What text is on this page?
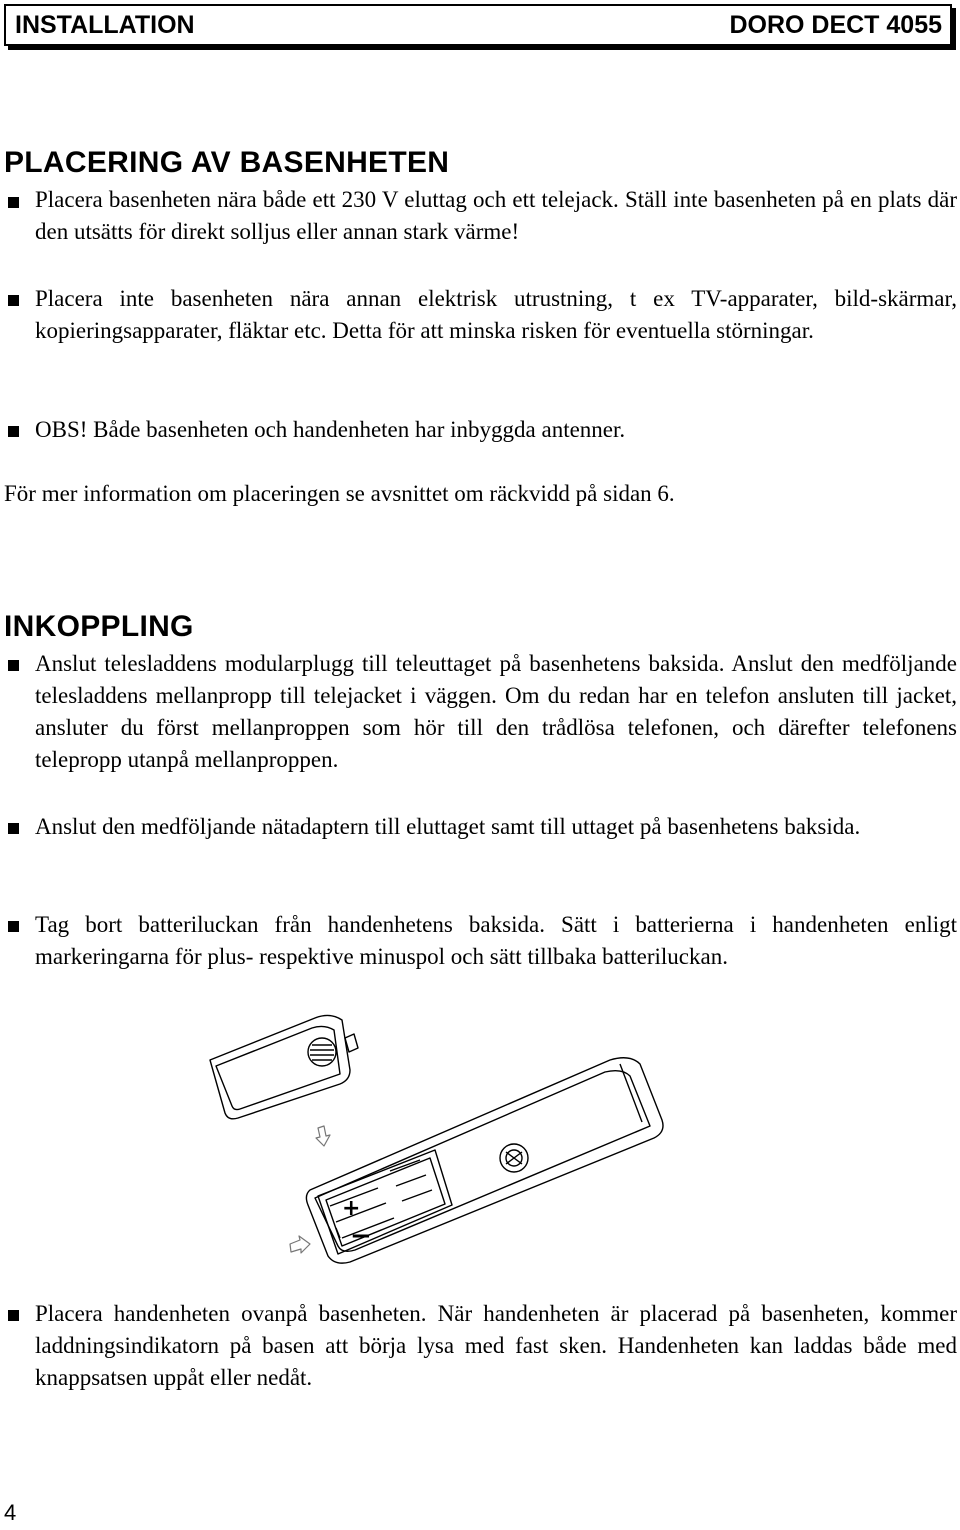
INSTALLATION	DORO DECT 4055
PLACERING AV BASENHETEN

Placera basenheten nära både ett 230 V eluttag och ett telejack. Ställ inte basenheten på en plats där den utsätts för direkt solljus eller annan stark värme!

Placera inte basenheten nära annan elektrisk utrustning, t ex TV-apparater, bild-skärmar, kopieringsapparater, fläktar etc. Detta för att minska risken för eventuella störningar.

OBS! Både basenheten och handenheten har inbyggda antenner.

För mer information om placeringen se avsnittet om räckvidd på sidan 6.

INKOPPLING

Anslut telesladdens modularplugg till teleuttaget på basenhetens baksida. Anslut den medföljande telesladdens mellanpropp till telejacket i väggen. Om du redan har en telefon ansluten till jacket, ansluter du först mellanproppen som hör till den trådlösa telefonen, och därefter telefonens telepropp utanpå mellanproppen.

Anslut den medföljande nätadaptern till eluttaget samt till uttaget på basenhetens baksida.

Tag bort batteriluckan från handenhetens baksida. Sätt i batterierna i handenheten enligt markeringarna för plus- respektive minuspol och sätt tillbaka batteriluckan.

+
−

Placera handenheten ovanpå basenheten. När handenheten är placerad på basenheten, kommer laddningsindikatorn på basen att börja lysa med fast sken. Handenheten kan laddas både med knappsatsen uppåt eller nedåt.

4
